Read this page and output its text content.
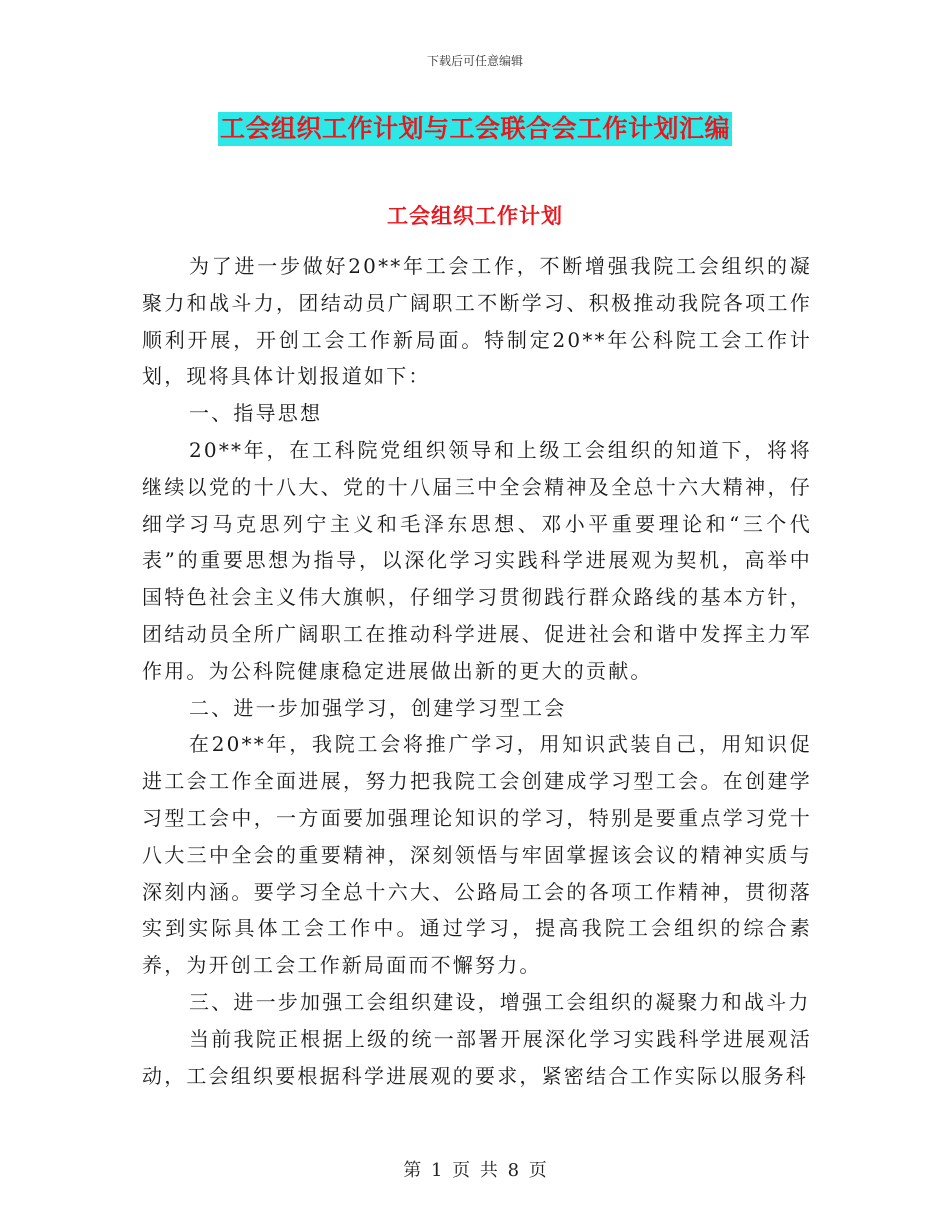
下载后可任意编辑
工会组织工作计划与工会联合会工作计划汇编
工会组织工作计划

为了进一步做好20**年工会工作，不断增强我院工会组织的凝聚力和战斗力，团结动员广阔职工不断学习、积极推动我院各项工作顺利开展，开创工会工作新局面。特制定20**年公科院工会工作计划，现将具体计划报道如下：

一、指导思想

20**年，在工科院党组织领导和上级工会组织的知道下，将将继续以党的十八大、党的十八届三中全会精神及全总十六大精神，仔细学习马克思列宁主义和毛泽东思想、邓小平重要理论和“三个代表”的重要思想为指导，以深化学习实践科学进展观为契机，高举中国特色社会主义伟大旗帜，仔细学习贯彻践行群众路线的基本方针，团结动员全所广阔职工在推动科学进展、促进社会和谐中发挥主力军作用。为公科院健康稳定进展做出新的更大的贡献。

二、进一步加强学习，创建学习型工会

在20**年，我院工会将推广学习，用知识武装自己，用知识促进工会工作全面进展，努力把我院工会创建成学习型工会。在创建学习型工会中，一方面要加强理论知识的学习，特别是要重点学习党十八大三中全会的重要精神，深刻领悟与牢固掌握该会议的精神实质与深刻内涵。要学习全总十六大、公路局工会的各项工作精神，贯彻落实到实际具体工会工作中。通过学习，提高我院工会组织的综合素养，为开创工会工作新局面而不懈努力。

三、进一步加强工会组织建设，增强工会组织的凝聚力和战斗力

当前我院正根据上级的统一部署开展深化学习实践科学进展观活动，工会组织要根据科学进展观的要求，紧密结合工作实际以服务科

第 1 页 共 8 页
